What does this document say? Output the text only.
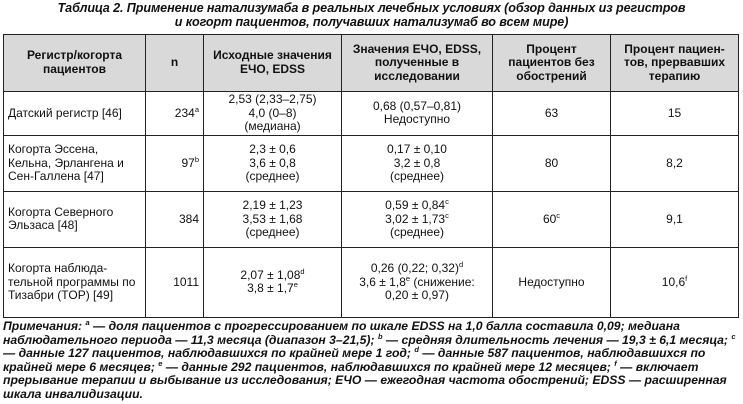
Таблица 2. Применение натализумаба в реальных лечебных условиях (обзор данных из регистров
и когорт пациентов, получавших натализумаб во всем мире)
Регистр/когорта пациентов	n	Исходные значения ЕЧО, EDSS	Значения ЕЧО, EDSS, полученные в исследовании	Процент пациентов без обострений	Процент пациен-тов, прервавших терапию
Датский регистр [46]	234$^a$	2,53 (2,33–2,75)
4,0 (0–8)
(медиана)	0,68 (0,57–0,81)
Недоступно	63	15
Когорта Эссена, Кельна, Эрлангена и Сен-Галлена [47]	97$^b$	2,3 ± 0,6
3,6 ± 0,8
(среднее)	0,17 ± 0,10
3,2 ± 0,8
(среднее)	80	8,2
Когорта Северного Эльзаса [48]	384	2,19 ± 1,23
3,53 ± 1,68
(среднее)	0,59 ± 0,84$^c$
3,02 ± 1,73$^c$
(среднее)	60$^c$	9,1
Когорта наблюда-тельной программы по Тизабри (TOP) [49]	1011	2,07 ± 1,08$^d$
3,8 ± 1,7$^e$	0,26 (0,22; 0,32)$^d$
3,6 ± 1,8$^e$ (снижение:
0,20 ± 0,97)	Недоступно	10,6$^f$

Примечания: $^a$ — доля пациентов с прогрессированием по шкале EDSS на 1,0 балла составила 0,09; медиана наблюдательного периода — 11,3 месяца (диапазон 3–21,5); $^b$ — средняя длительность лечения — 19,3 ± 6,1 месяца; $^c$ — данные 127 пациентов, наблюдавшихся по крайней мере 1 год; $^d$ — данные 587 пациентов, наблюдавшихся по крайней мере 6 месяцев; $^e$ — данные 292 пациентов, наблюдавшихся по крайней мере 12 месяцев; $^f$ — включает прерывание терапии и выбывание из исследования; ЕЧО — ежегодная частота обострений; EDSS — расширенная шкала инвалидизации.
